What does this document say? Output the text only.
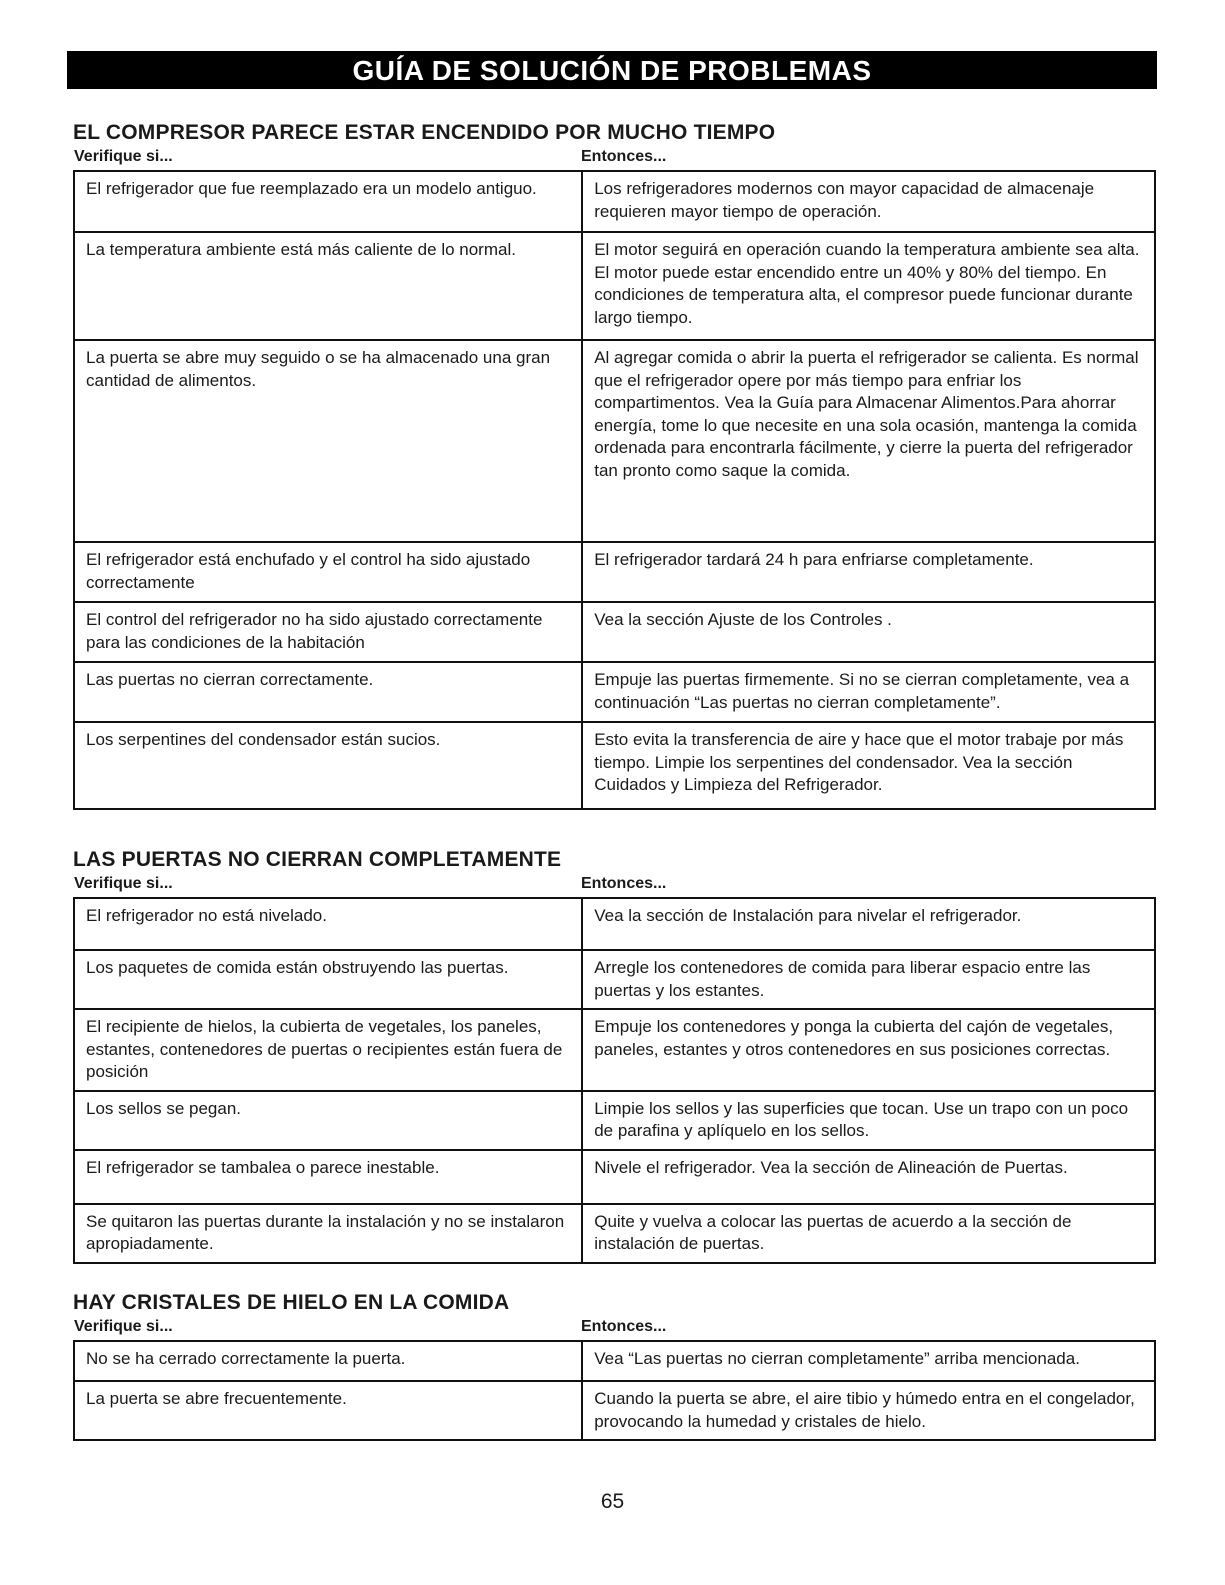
GUÍA DE SOLUCIÓN DE PROBLEMAS
EL COMPRESOR PARECE ESTAR ENCENDIDO POR MUCHO TIEMPO
Verifique si...	Entonces...
El refrigerador que fue reemplazado era un modelo antiguo.	Los refrigeradores modernos con mayor capacidad de almacenaje requieren mayor tiempo de operación.
La temperatura ambiente está más caliente de lo normal.	El motor seguirá en operación cuando la temperatura ambiente sea alta. El motor puede estar encendido entre un 40% y 80% del tiempo. En condiciones de temperatura alta, el compresor puede funcionar durante largo tiempo.
La puerta se abre muy seguido o se ha almacenado una gran cantidad de alimentos.	Al agregar comida o abrir la puerta el refrigerador se calienta. Es normal que el refrigerador opere por más tiempo para enfriar los compartimentos. Vea la Guía para Almacenar Alimentos.Para ahorrar energía, tome lo que necesite en una sola ocasión, mantenga la comida ordenada para encontrarla fácilmente, y cierre la puerta del refrigerador tan pronto como saque la comida.
El refrigerador está enchufado y el control ha sido ajustado correctamente	El refrigerador tardará 24 h para enfriarse completamente.
El control del refrigerador no ha sido ajustado correctamente para las condiciones de la habitación	Vea la sección Ajuste de los Controles .
Las puertas no cierran correctamente.	Empuje las puertas firmemente. Si no se cierran completamente, vea a continuación “Las puertas no cierran completamente”.
Los serpentines del condensador están sucios.	Esto evita la transferencia de aire y hace que el motor trabaje por más tiempo. Limpie los serpentines del condensador. Vea la sección Cuidados y Limpieza del Refrigerador.
LAS PUERTAS NO CIERRAN COMPLETAMENTE
Verifique si...	Entonces...
El refrigerador no está nivelado.	Vea la sección de Instalación para nivelar el refrigerador.
Los paquetes de comida están obstruyendo las puertas.	Arregle los contenedores de comida para liberar espacio entre las puertas y los estantes.
El recipiente de hielos, la cubierta de vegetales, los paneles, estantes, contenedores de puertas o recipientes están fuera de posición	Empuje los contenedores y ponga la cubierta del cajón de vegetales, paneles, estantes y otros contenedores en sus posiciones correctas.
Los sellos se pegan.	Limpie los sellos y las superficies que tocan. Use un trapo con un poco de parafina y aplíquelo en los sellos.
El refrigerador se tambalea o parece inestable.	Nivele el refrigerador. Vea la sección de Alineación de Puertas.
Se quitaron las puertas durante la instalación y no se instalaron apropiadamente.	Quite y vuelva a colocar las puertas de acuerdo a la sección de instalación de puertas.
HAY CRISTALES DE HIELO EN LA COMIDA
Verifique si...	Entonces...
No se ha cerrado correctamente la puerta.	Vea “Las puertas no cierran completamente” arriba mencionada.
La puerta se abre frecuentemente.	Cuando la puerta se abre, el aire tibio y húmedo entra en el congelador, provocando la humedad y cristales de hielo.
65
